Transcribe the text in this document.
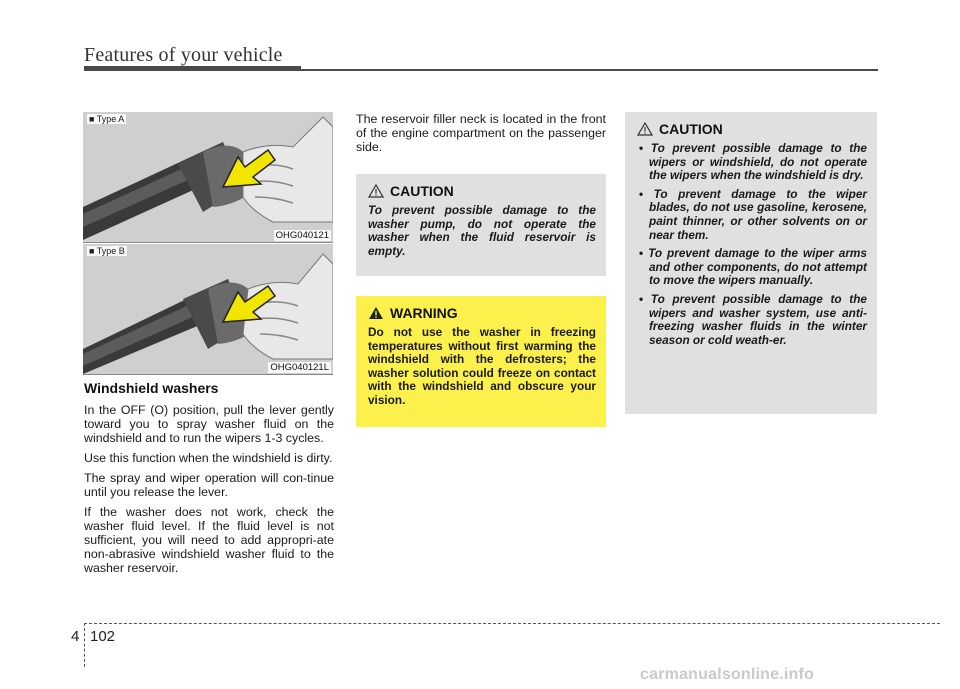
Features of your vehicle
■ Type A
OHG040121
■ Type B
OHG040121L
Windshield washers

In the OFF (O) position, pull the lever gently toward you to spray washer fluid on the windshield and to run the wipers 1-3 cycles.

Use this function when the windshield is dirty.

The spray and wiper operation will con-tinue until you release the lever.

If the washer does not work, check the washer fluid level. If the fluid level is not sufficient, you will need to add appropri-ate non-abrasive windshield washer fluid to the washer reservoir.

The reservoir filler neck is located in the front of the engine compartment on the passenger side.

CAUTION
To prevent possible damage to the washer pump, do not operate the washer when the fluid reservoir is empty.
WARNING
Do not use the washer in freezing temperatures without first warming the windshield with the defrosters; the washer solution could freeze on contact with the windshield and obscure your vision.
CAUTION
• To prevent possible damage to the wipers or windshield, do not operate the wipers when the windshield is dry.
• To prevent damage to the wiper blades, do not use gasoline, kerosene, paint thinner, or other solvents on or near them.
• To prevent damage to the wiper arms and other components, do not attempt to move the wipers manually.
• To prevent possible damage to the wipers and washer system, use anti-freezing washer fluids in the winter season or cold weath-er.
4 102
carmanualsonline.info
